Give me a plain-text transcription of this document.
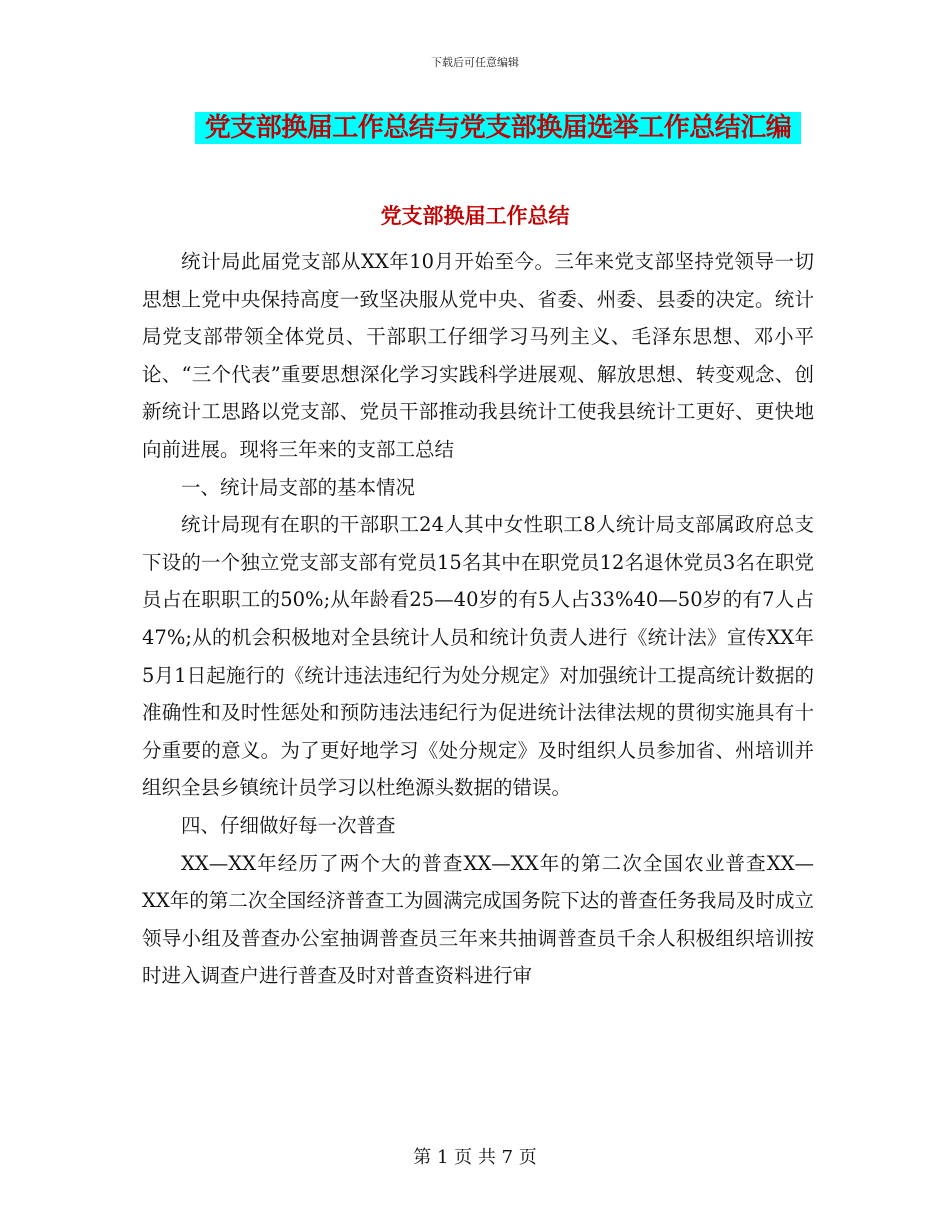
下载后可任意编辑
党支部换届工作总结与党支部换届选举工作总结汇编
党支部换届工作总结

统计局此届党支部从XX年10月开始至今。三年来党支部坚持党领导一切思想上党中央保持高度一致坚决服从党中央、省委、州委、县委的决定。统计局党支部带领全体党员、干部职工仔细学习马列主义、毛泽东思想、邓小平论、“三个代表”重要思想深化学习实践科学进展观、解放思想、转变观念、创新统计工思路以党支部、党员干部推动我县统计工使我县统计工更好、更快地向前进展。现将三年来的支部工总结

一、统计局支部的基本情况

统计局现有在职的干部职工24人其中女性职工8人统计局支部属政府总支下设的一个独立党支部支部有党员15名其中在职党员12名退休党员3名在职党员占在职职工的50%;从年龄看25—40岁的有5人占33%40—50岁的有7人占47%;从的机会积极地对全县统计人员和统计负责人进行《统计法》宣传XX年5月1日起施行的《统计违法违纪行为处分规定》对加强统计工提高统计数据的准确性和及时性惩处和预防违法违纪行为促进统计法律法规的贯彻实施具有十分重要的意义。为了更好地学习《处分规定》及时组织人员参加省、州培训并组织全县乡镇统计员学习以杜绝源头数据的错误。

四、仔细做好每一次普查

XX—XX年经历了两个大的普查XX—XX年的第二次全国农业普查XX—XX年的第二次全国经济普查工为圆满完成国务院下达的普查任务我局及时成立领导小组及普查办公室抽调普查员三年来共抽调普查员千余人积极组织培训按时进入调查户进行普查及时对普查资料进行审

第 1 页 共 7 页
